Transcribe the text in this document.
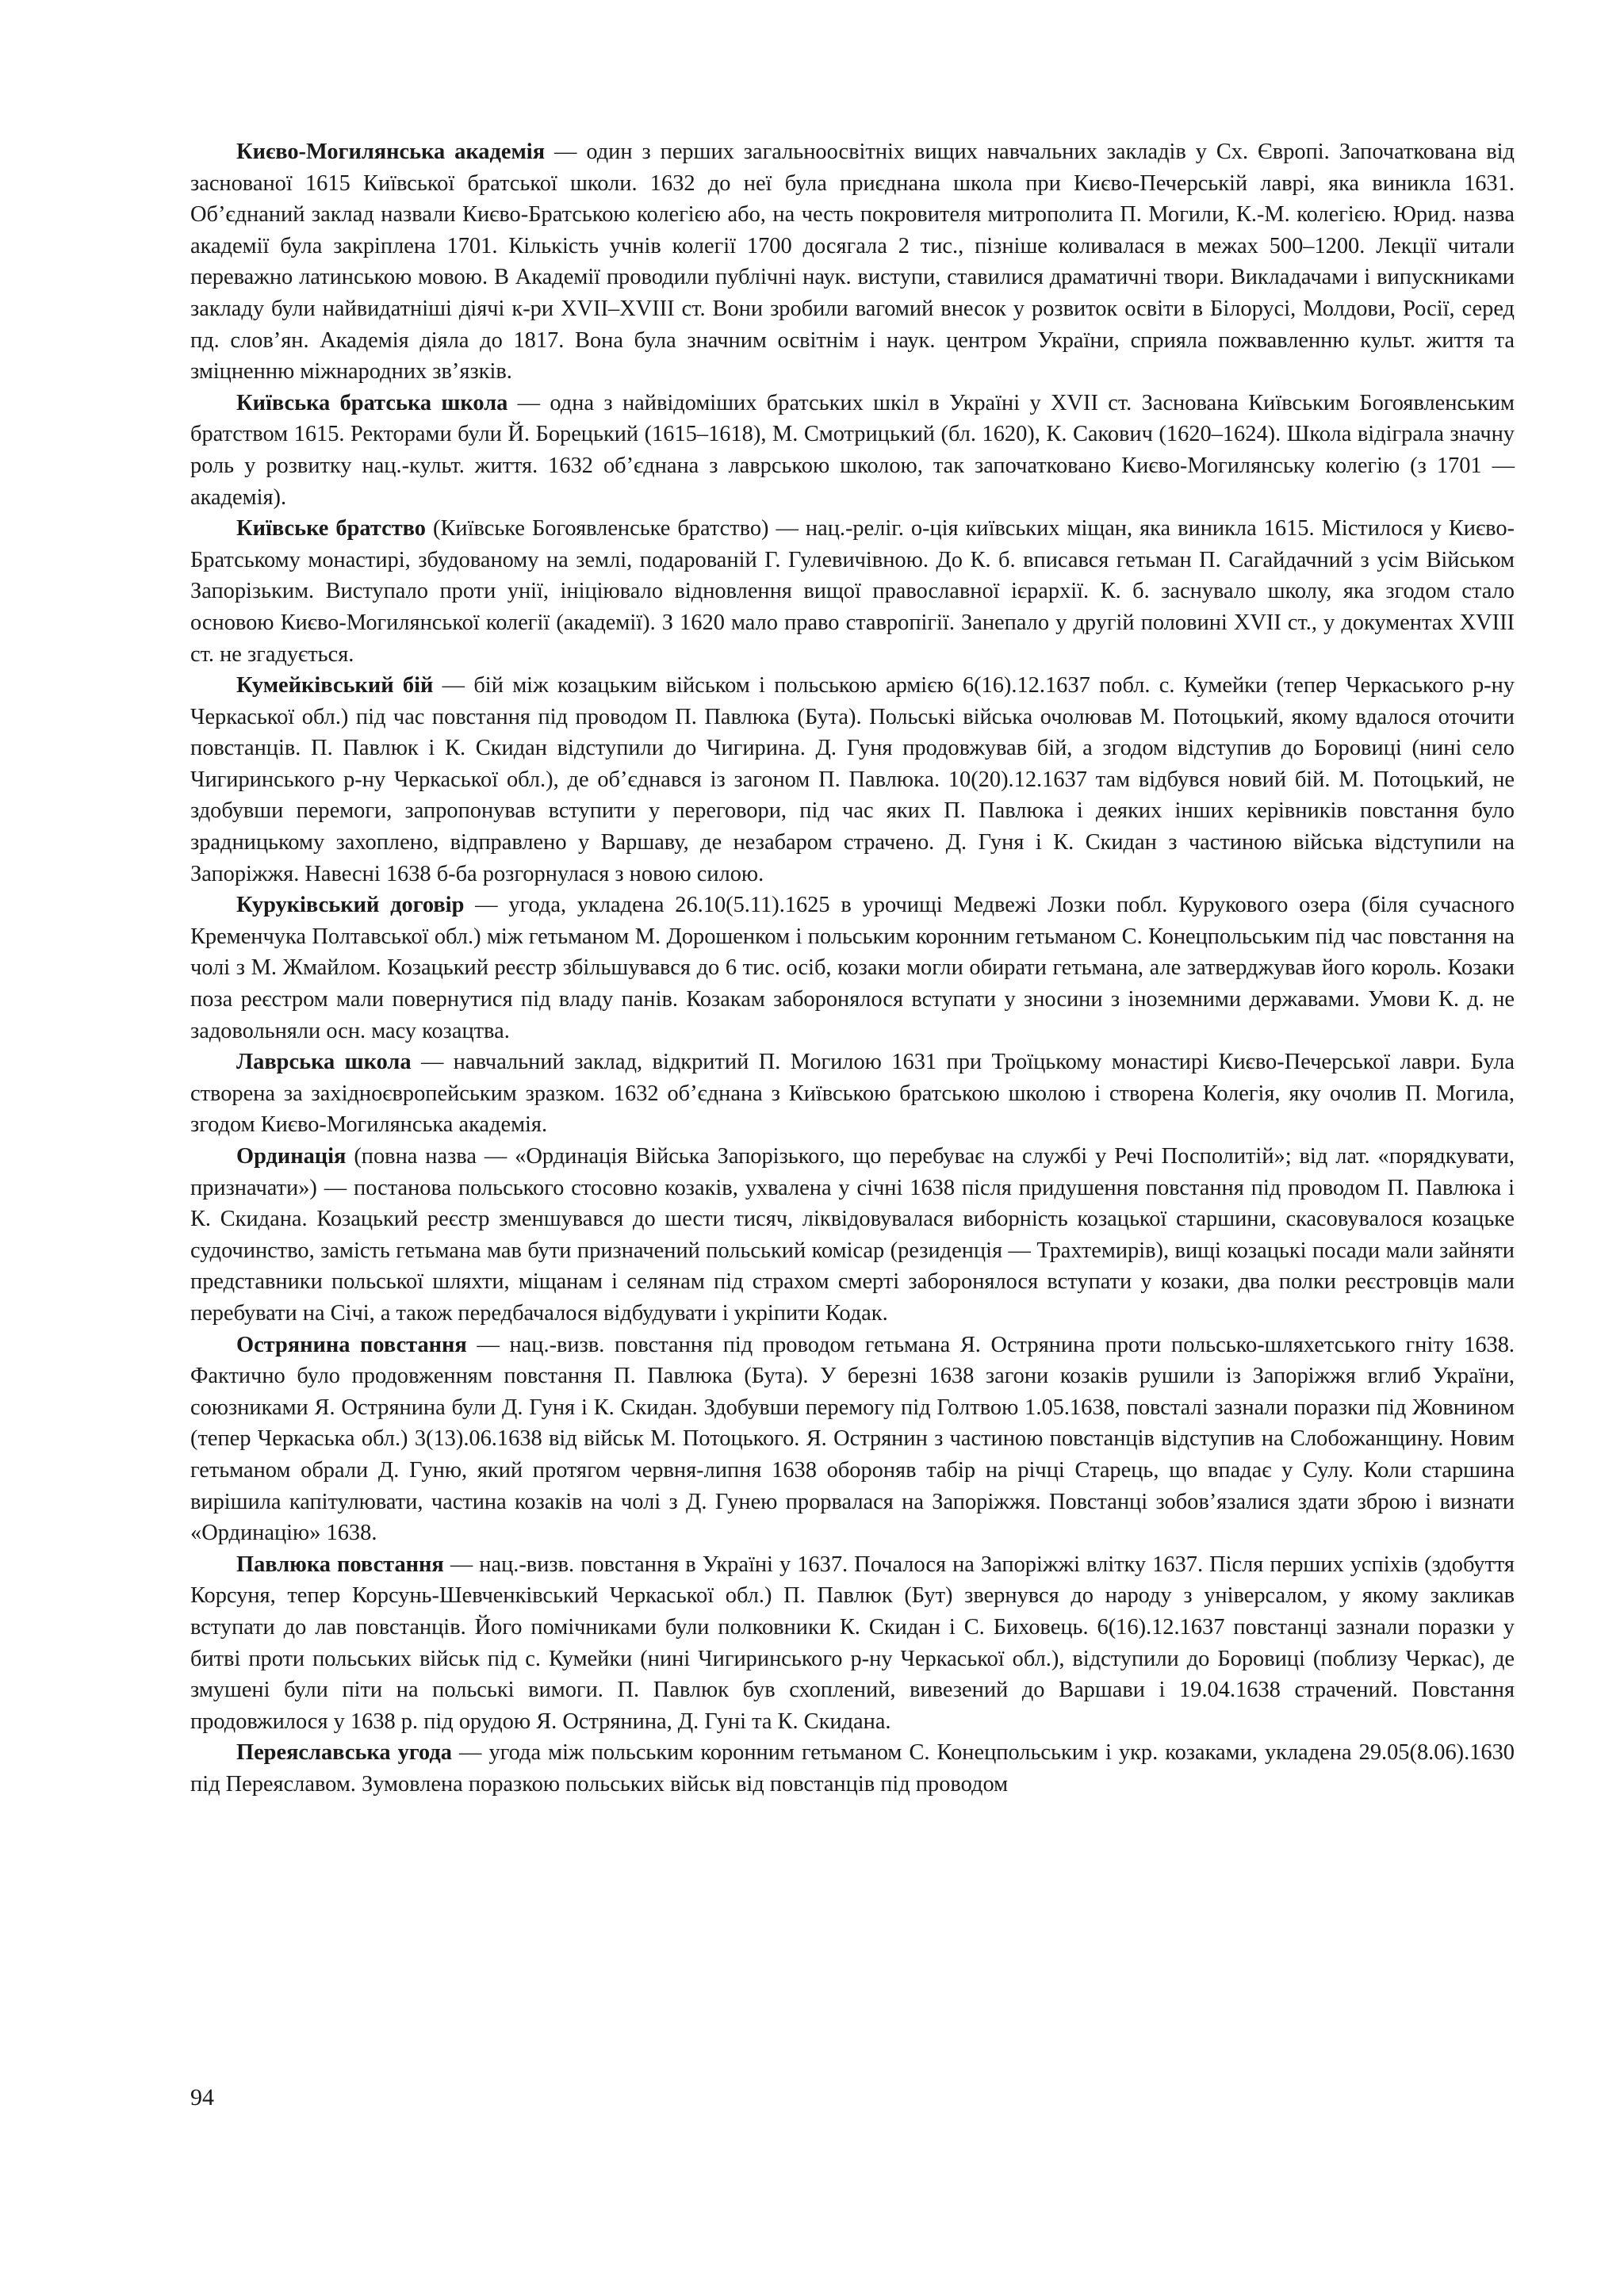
Києво-Могилянська академія — один з перших загальноосвітніх вищих навчальних закладів у Сх. Європі. Започаткована від заснованої 1615 Київської братської школи. 1632 до неї була приєднана школа при Києво-Печерській лаврі, яка виникла 1631. Об’єднаний заклад назвали Києво-Братською колегією або, на честь покровителя митрополита П. Могили, К.-М. колегією. Юрид. назва академії була закріплена 1701. Кількість учнів колегії 1700 досягала 2 тис., пізніше коливалася в межах 500–1200. Лекції читали переважно латинською мовою. В Академії проводили публічні наук. виступи, ставилися драматичні твори. Викладачами і випускниками закладу були найвидатніші діячі к-ри XVII–XVIII ст. Вони зробили вагомий внесок у розвиток освіти в Білорусі, Молдови, Росії, серед пд. слов’ян. Академія діяла до 1817. Вона була значним освітнім і наук. центром України, сприяла пожвавленню культ. життя та зміцненню міжнародних зв’язків.

Київська братська школа — одна з найвідоміших братських шкіл в Україні у XVII ст. Заснована Київським Богоявленським братством 1615. Ректорами були Й. Борецький (1615–1618), М. Смотрицький (бл. 1620), К. Сакович (1620–1624). Школа відіграла значну роль у розвитку нац.-культ. життя. 1632 об’єднана з лаврською школою, так започатковано Києво-Могилянську колегію (з 1701 — академія).

Київське братство (Київське Богоявленське братство) — нац.-реліг. о-ція київських міщан, яка виникла 1615. Містилося у Києво-Братському монастирі, збудованому на землі, подарованій Г. Гулевичівною. До К. б. вписався гетьман П. Сагайдачний з усім Військом Запорізьким. Виступало проти унії, ініціювало відновлення вищої православної ієрархії. К. б. заснувало школу, яка згодом стало основою Києво-Могилянської колегії (академії). З 1620 мало право ставропігії. Занепало у другій половині XVII ст., у документах XVIII ст. не згадується.

Кумейківський бій — бій між козацьким військом і польською армією 6(16).12.1637 побл. с. Кумейки (тепер Черкаського р-ну Черкаської обл.) під час повстання під проводом П. Павлюка (Бута). Польські війська очолював М. Потоцький, якому вдалося оточити повстанців. П. Павлюк і К. Скидан відступили до Чигирина. Д. Гуня продовжував бій, а згодом відступив до Боровиці (нині село Чигиринського р-ну Черкаської обл.), де об’єднався із загоном П. Павлюка. 10(20).12.1637 там відбувся новий бій. М. Потоцький, не здобувши перемоги, запропонував вступити у переговори, під час яких П. Павлюка і деяких інших керівників повстання було зрадницькому захоплено, відправлено у Варшаву, де незабаром страчено. Д. Гуня і К. Скидан з частиною війська відступили на Запоріжжя. Навесні 1638 б-ба розгорнулася з новою силою.

Куруківський договір — угода, укладена 26.10(5.11).1625 в урочищі Медвежі Лозки побл. Курукового озера (біля сучасного Кременчука Полтавської обл.) між гетьманом М. Дорошенком і польським коронним гетьманом С. Конецпольським під час повстання на чолі з М. Жмайлом. Козацький реєстр збільшувався до 6 тис. осіб, козаки могли обирати гетьмана, але затверджував його король. Козаки поза реєстром мали повернутися під владу панів. Козакам заборонялося вступати у зносини з іноземними державами. Умови К. д. не задовольняли осн. масу козацтва.

Лаврська школа — навчальний заклад, відкритий П. Могилою 1631 при Троїцькому монастирі Києво-Печерської лаври. Була створена за західноєвропейським зразком. 1632 об’єднана з Київською братською школою і створена Колегія, яку очолив П. Могила, згодом Києво-Могилянська академія.

Ординація (повна назва — «Ординація Війська Запорізького, що перебуває на службі у Речі Посполитій»; від лат. «порядкувати, призначати») — постанова польського стосовно козаків, ухвалена у січні 1638 після придушення повстання під проводом П. Павлюка і К. Скидана. Козацький реєстр зменшувався до шести тисяч, ліквідовувалася виборність козацької старшини, скасовувалося козацьке судочинство, замість гетьмана мав бути призначений польський комісар (резиденція — Трахтемирів), вищі козацькі посади мали зайняти представники польської шляхти, міщанам і селянам під страхом смерті заборонялося вступати у козаки, два полки реєстровців мали перебувати на Січі, а також передбачалося відбудувати і укріпити Кодак.

Острянина повстання — нац.-визв. повстання під проводом гетьмана Я. Острянина проти польсько-шляхетського гніту 1638. Фактично було продовженням повстання П. Павлюка (Бута). У березні 1638 загони козаків рушили із Запоріжжя вглиб України, союзниками Я. Острянина були Д. Гуня і К. Скидан. Здобувши перемогу під Голтвою 1.05.1638, повсталі зазнали поразки під Жовнином (тепер Черкаська обл.) 3(13).06.1638 від військ М. Потоцького. Я. Острянин з частиною повстанців відступив на Слобожанщину. Новим гетьманом обрали Д. Гуню, який протягом червня-липня 1638 обороняв табір на річці Старець, що впадає у Сулу. Коли старшина вирішила капітулювати, частина козаків на чолі з Д. Гунею прорвалася на Запоріжжя. Повстанці зобов’язалися здати зброю і визнати «Ординацію» 1638.

Павлюка повстання — нац.-визв. повстання в Україні у 1637. Почалося на Запоріжжі влітку 1637. Після перших успіхів (здобуття Корсуня, тепер Корсунь-Шевченківський Черкаської обл.) П. Павлюк (Бут) звернувся до народу з універсалом, у якому закликав вступати до лав повстанців. Його помічниками були полковники К. Скидан і С. Биховець. 6(16).12.1637 повстанці зазнали поразки у битві проти польських військ під с. Кумейки (нині Чигиринського р-ну Черкаської обл.), відступили до Боровиці (поблизу Черкас), де змушені були піти на польські вимоги. П. Павлюк був схоплений, вивезений до Варшави і 19.04.1638 страчений. Повстання продовжилося у 1638 р. під орудою Я. Острянина, Д. Гуні та К. Скидана.

Переяславська угода — угода між польським коронним гетьманом С. Конецпольським і укр. козаками, укладена 29.05(8.06).1630 під Переяславом. Зумовлена поразкою польських військ від повстанців під проводом

94
